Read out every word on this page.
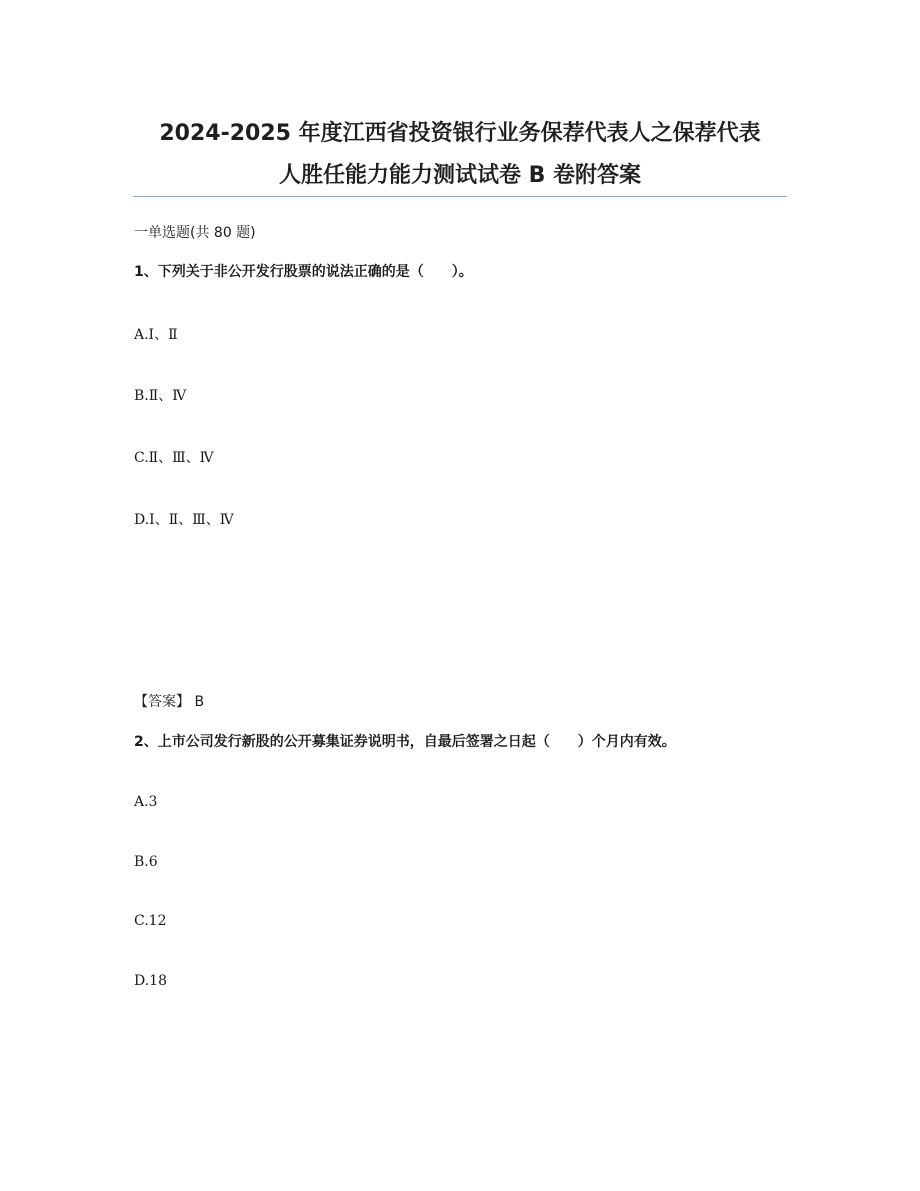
2024-2025 年度江西省投资银行业务保荐代表人之保荐代表
人胜任能力能力测试试卷 B 卷附答案
一单选题(共 80 题)
1、下列关于非公开发行股票的说法正确的是（　　）。
A.Ⅰ、Ⅱ
B.Ⅱ、Ⅳ
C.Ⅱ、Ⅲ、Ⅳ
D.Ⅰ、Ⅱ、Ⅲ、Ⅳ
【答案】 B
2、上市公司发行新股的公开募集证券说明书，自最后签署之日起（　　）个月内有效。
A.3
B.6
C.12
D.18
